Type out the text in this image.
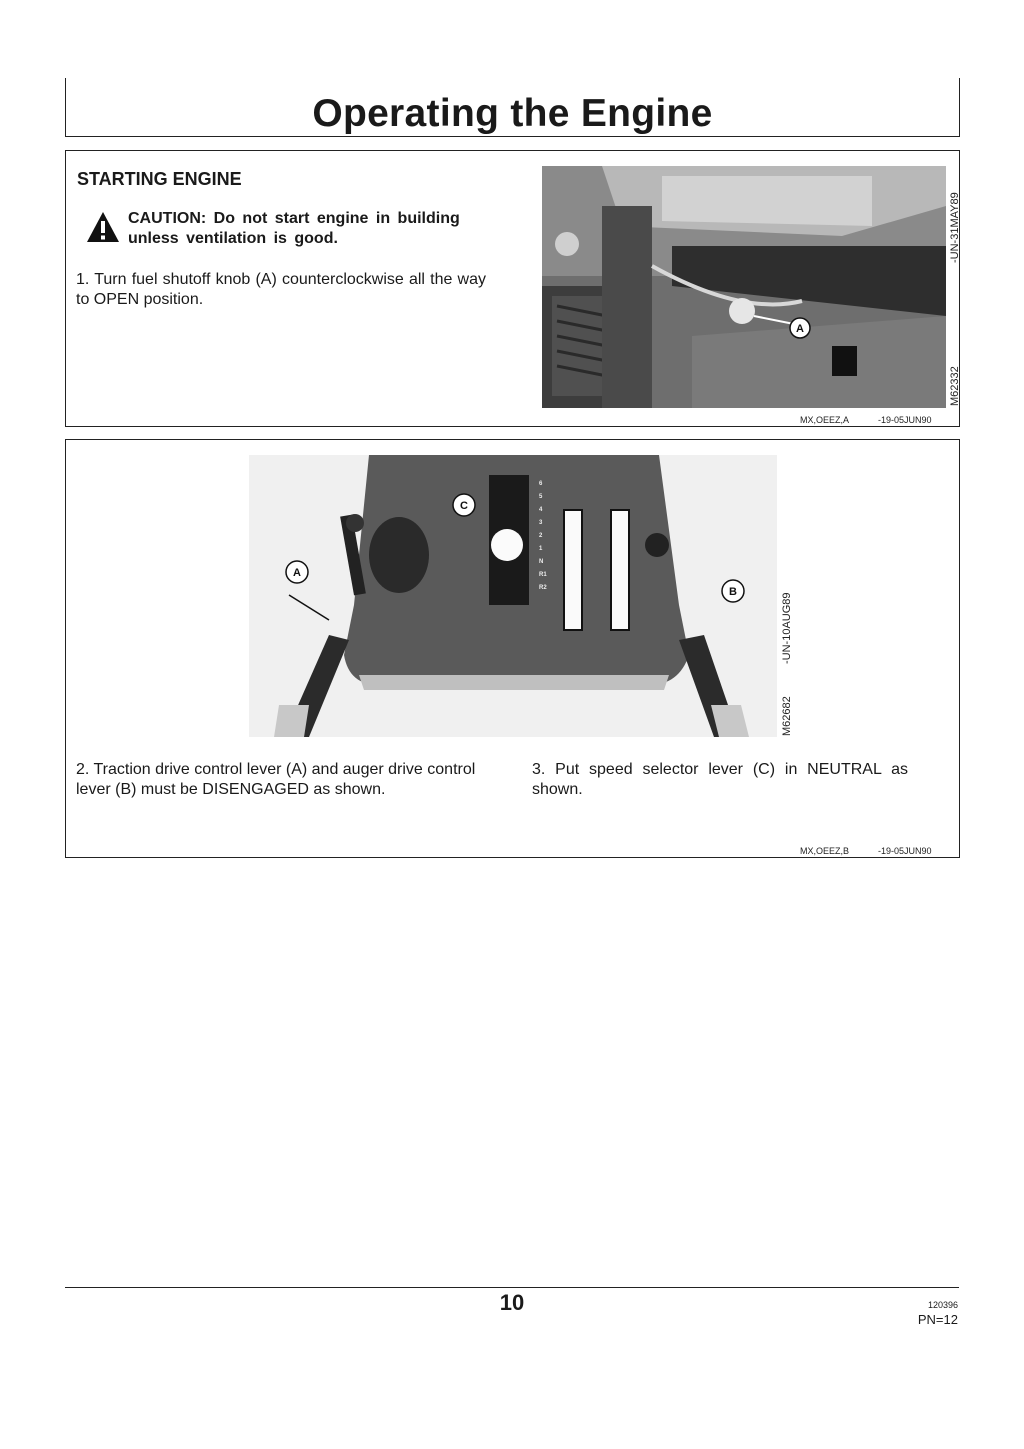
Operating the Engine
STARTING ENGINE
CAUTION: Do not start engine in building unless ventilation is good.
1. Turn fuel shutoff knob (A) counterclockwise all the way to OPEN position.
A
-UN-31MAY89
M62332
MX,OEEZ,A	-19-05JUN90
A
B
C
6
5
4
3
2
1
N
R1
R2
-UN-10AUG89
M62682
2. Traction drive control lever (A) and auger drive control lever (B) must be DISENGAGED as shown.
3. Put speed selector lever (C) in NEUTRAL as shown.
MX,OEEZ,B	-19-05JUN90
10	120396
PN=12
